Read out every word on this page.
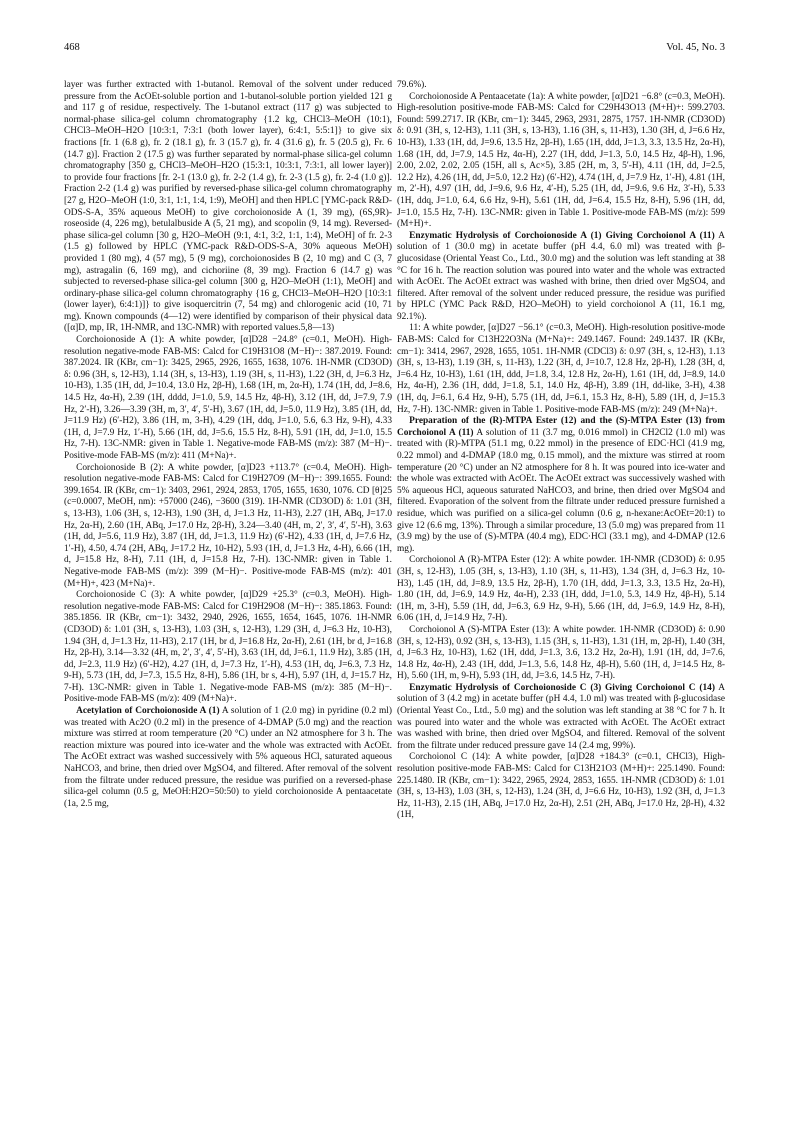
468	Vol. 45, No. 3

layer was further extracted with 1-butanol. Removal of the solvent under reduced pressure from the AcOEt-soluble portion and 1-butanol-soluble portion yielded 121 g and 117 g of residue, respectively. The 1-butanol extract (117 g) was subjected to normal-phase silica-gel column chromatography {1.2 kg, CHCl3–MeOH (10:1), CHCl3–MeOH–H2O [10:3:1, 7:3:1 (both lower layer), 6:4:1, 5:5:1]} to give six fractions [fr. 1 (6.8 g), fr. 2 (18.1 g), fr. 3 (15.7 g), fr. 4 (31.6 g), fr. 5 (20.5 g), Fr. 6 (14.7 g)]. Fraction 2 (17.5 g) was further separated by normal-phase silica-gel column chromatography [350 g, CHCl3–MeOH–H2O (15:3:1, 10:3:1, 7:3:1, all lower layer)] to provide four fractions [fr. 2-1 (13.0 g), fr. 2-2 (1.4 g), fr. 2-3 (1.5 g), fr. 2-4 (1.0 g)]. Fraction 2-2 (1.4 g) was purified by reversed-phase silica-gel column chromatography [27 g, H2O–MeOH (1:0, 3:1, 1:1, 1:4, 1:9), MeOH] and then HPLC [YMC-pack R&D-ODS-S-A, 35% aqueous MeOH) to give corchoionoside A (1, 39 mg), (6S,9R)-roseoside (4, 226 mg), betulalbuside A (5, 21 mg), and scopolin (9, 14 mg). Reversed-phase silica-gel column [30 g, H2O–MeOH (9:1, 4:1, 3:2, 1:1, 1:4), MeOH] of fr. 2-3 (1.5 g) followed by HPLC (YMC-pack R&D-ODS-S-A, 30% aqueous MeOH) provided 1 (80 mg), 4 (57 mg), 5 (9 mg), corchoionosides B (2, 10 mg) and C (3, 7 mg), astragalin (6, 169 mg), and cichoriine (8, 39 mg). Fraction 6 (14.7 g) was subjected to reversed-phase silica-gel column [300 g, H2O–MeOH (1:1), MeOH] and ordinary-phase silica-gel column chromatography {16 g, CHCl3–MeOH–H2O [10:3:1 (lower layer), 6:4:1)]} to give isoquercitrin (7, 54 mg) and chlorogenic acid (10, 71 mg). Known compounds (4—12) were identified by comparison of their physical data ([α]D, mp, IR, 1H-NMR, and 13C-NMR) with reported values.5,8—13)

Corchoionoside A (1): A white powder, [α]D28 −24.8° (c=0.1, MeOH). High-resolution negative-mode FAB-MS: Calcd for C19H31O8 (M−H)−: 387.2019. Found: 387.2024. IR (KBr, cm−1): 3425, 2965, 2926, 1655, 1638, 1076. 1H-NMR (CD3OD) δ: 0.96 (3H, s, 12-H3), 1.14 (3H, s, 13-H3), 1.19 (3H, s, 11-H3), 1.22 (3H, d, J=6.3 Hz, 10-H3), 1.35 (1H, dd, J=10.4, 13.0 Hz, 2β-H), 1.68 (1H, m, 2α-H), 1.74 (1H, dd, J=8.6, 14.5 Hz, 4α-H), 2.39 (1H, dddd, J=1.0, 5.9, 14.5 Hz, 4β-H), 3.12 (1H, dd, J=7.9, 7.9 Hz, 2′-H), 3.26—3.39 (3H, m, 3′, 4′, 5′-H), 3.67 (1H, dd, J=5.0, 11.9 Hz), 3.85 (1H, dd, J=11.9 Hz) (6′-H2), 3.86 (1H, m, 3-H), 4.29 (1H, ddq, J=1.0, 5.6, 6.3 Hz, 9-H), 4.33 (1H, d, J=7.9 Hz, 1′-H), 5.66 (1H, dd, J=5.6, 15.5 Hz, 8-H), 5.91 (1H, dd, J=1.0, 15.5 Hz, 7-H). 13C-NMR: given in Table 1. Negative-mode FAB-MS (m/z): 387 (M−H)−. Positive-mode FAB-MS (m/z): 411 (M+Na)+.

Corchoionoside B (2): A white powder, [α]D23 +113.7° (c=0.4, MeOH). High-resolution negative-mode FAB-MS: Calcd for C19H27O9 (M−H)−: 399.1655. Found: 399.1654. IR (KBr, cm−1): 3403, 2961, 2924, 2853, 1705, 1655, 1630, 1076. CD [θ]25 (c=0.0007, MeOH, nm): +57000 (246), −3600 (319). 1H-NMR (CD3OD) δ: 1.01 (3H, s, 13-H3), 1.06 (3H, s, 12-H3), 1.90 (3H, d, J=1.3 Hz, 11-H3), 2.27 (1H, ABq, J=17.0 Hz, 2α-H), 2.60 (1H, ABq, J=17.0 Hz, 2β-H), 3.24—3.40 (4H, m, 2′, 3′, 4′, 5′-H), 3.63 (1H, dd, J=5.6, 11.9 Hz), 3.87 (1H, dd, J=1.3, 11.9 Hz) (6′-H2), 4.33 (1H, d, J=7.6 Hz, 1′-H), 4.50, 4.74 (2H, ABq, J=17.2 Hz, 10-H2), 5.93 (1H, d, J=1.3 Hz, 4-H), 6.66 (1H, d, J=15.8 Hz, 8-H), 7.11 (1H, d, J=15.8 Hz, 7-H). 13C-NMR: given in Table 1. Negative-mode FAB-MS (m/z): 399 (M−H)−. Positive-mode FAB-MS (m/z): 401 (M+H)+, 423 (M+Na)+.

Corchoionoside C (3): A white powder, [α]D29 +25.3° (c=0.3, MeOH). High-resolution negative-mode FAB-MS: Calcd for C19H29O8 (M−H)−: 385.1863. Found: 385.1856. IR (KBr, cm−1): 3432, 2940, 2926, 1655, 1654, 1645, 1076. 1H-NMR (CD3OD) δ: 1.01 (3H, s, 13-H3), 1.03 (3H, s, 12-H3), 1.29 (3H, d, J=6.3 Hz, 10-H3), 1.94 (3H, d, J=1.3 Hz, 11-H3), 2.17 (1H, br d, J=16.8 Hz, 2α-H), 2.61 (1H, br d, J=16.8 Hz, 2β-H), 3.14—3.32 (4H, m, 2′, 3′, 4′, 5′-H), 3.63 (1H, dd, J=6.1, 11.9 Hz), 3.85 (1H, dd, J=2.3, 11.9 Hz) (6′-H2), 4.27 (1H, d, J=7.3 Hz, 1′-H), 4.53 (1H, dq, J=6.3, 7.3 Hz, 9-H), 5.73 (1H, dd, J=7.3, 15.5 Hz, 8-H), 5.86 (1H, br s, 4-H), 5.97 (1H, d, J=15.7 Hz, 7-H). 13C-NMR: given in Table 1. Negative-mode FAB-MS (m/z): 385 (M−H)−. Positive-mode FAB-MS (m/z): 409 (M+Na)+.

Acetylation of Corchoionoside A (1) A solution of 1 (2.0 mg) in pyridine (0.2 ml) was treated with Ac2O (0.2 ml) in the presence of 4-DMAP (5.0 mg) and the reaction mixture was stirred at room temperature (20 °C) under an N2 atmosphere for 3 h. The reaction mixture was poured into ice-water and the whole was extracted with AcOEt. The AcOEt extract was washed successively with 5% aqueous HCl, saturated aqueous NaHCO3, and brine, then dried over MgSO4, and filtered. After removal of the solvent from the filtrate under reduced pressure, the residue was purified on a reversed-phase silica-gel column (0.5 g, MeOH:H2O=50:50) to yield corchoionoside A pentaacetate (1a, 2.5 mg,

79.6%).

Corchoionoside A Pentaacetate (1a): A white powder, [α]D21 −6.8° (c=0.3, MeOH). High-resolution positive-mode FAB-MS: Calcd for C29H43O13 (M+H)+: 599.2703. Found: 599.2717. IR (KBr, cm−1): 3445, 2963, 2931, 2875, 1757. 1H-NMR (CD3OD) δ: 0.91 (3H, s, 12-H3), 1.11 (3H, s, 13-H3), 1.16 (3H, s, 11-H3), 1.30 (3H, d, J=6.6 Hz, 10-H3), 1.33 (1H, dd, J=9.6, 13.5 Hz, 2β-H), 1.65 (1H, ddd, J=1.3, 3.3, 13.5 Hz, 2α-H), 1.68 (1H, dd, J=7.9, 14.5 Hz, 4α-H), 2.27 (1H, ddd, J=1.3, 5.0, 14.5 Hz, 4β-H), 1.96, 2.00, 2.02, 2.02, 2.05 (15H, all s, Ac×5), 3.85 (2H, m, 3, 5′-H), 4.11 (1H, dd, J=2.5, 12.2 Hz), 4.26 (1H, dd, J=5.0, 12.2 Hz) (6′-H2), 4.74 (1H, d, J=7.9 Hz, 1′-H), 4.81 (1H, m, 2′-H), 4.97 (1H, dd, J=9.6, 9.6 Hz, 4′-H), 5.25 (1H, dd, J=9.6, 9.6 Hz, 3′-H), 5.33 (1H, ddq, J=1.0, 6.4, 6.6 Hz, 9-H), 5.61 (1H, dd, J=6.4, 15.5 Hz, 8-H), 5.96 (1H, dd, J=1.0, 15.5 Hz, 7-H). 13C-NMR: given in Table 1. Positive-mode FAB-MS (m/z): 599 (M+H)+.

Enzymatic Hydrolysis of Corchoionoside A (1) Giving Corchoionol A (11) A solution of 1 (30.0 mg) in acetate buffer (pH 4.4, 6.0 ml) was treated with β-glucosidase (Oriental Yeast Co., Ltd., 30.0 mg) and the solution was left standing at 38 °C for 16 h. The reaction solution was poured into water and the whole was extracted with AcOEt. The AcOEt extract was washed with brine, then dried over MgSO4, and filtered. After removal of the solvent under reduced pressure, the residue was purified by HPLC (YMC Pack R&D, H2O–MeOH) to yield corchoionol A (11, 16.1 mg, 92.1%).

11: A white powder, [α]D27 −56.1° (c=0.3, MeOH). High-resolution positive-mode FAB-MS: Calcd for C13H22O3Na (M+Na)+: 249.1467. Found: 249.1437. IR (KBr, cm−1): 3414, 2967, 2928, 1655, 1051. 1H-NMR (CDCl3) δ: 0.97 (3H, s, 12-H3), 1.13 (3H, s, 13-H3), 1.19 (3H, s, 11-H3), 1.22 (3H, d, J=10.7, 12.8 Hz, 2β-H), 1.28 (3H, d, J=6.4 Hz, 10-H3), 1.61 (1H, ddd, J=1.8, 3.4, 12.8 Hz, 2α-H), 1.61 (1H, dd, J=8.9, 14.0 Hz, 4α-H), 2.36 (1H, ddd, J=1.8, 5.1, 14.0 Hz, 4β-H), 3.89 (1H, dd-like, 3-H), 4.38 (1H, dq, J=6.1, 6.4 Hz, 9-H), 5.75 (1H, dd, J=6.1, 15.3 Hz, 8-H), 5.89 (1H, d, J=15.3 Hz, 7-H). 13C-NMR: given in Table 1. Positive-mode FAB-MS (m/z): 249 (M+Na)+.

Preparation of the (R)-MTPA Ester (12) and the (S)-MTPA Ester (13) from Corchoionol A (11) A solution of 11 (3.7 mg, 0.016 mmol) in CH2Cl2 (1.0 ml) was treated with (R)-MTPA (51.1 mg, 0.22 mmol) in the presence of EDC·HCl (41.9 mg, 0.22 mmol) and 4-DMAP (18.0 mg, 0.15 mmol), and the mixture was stirred at room temperature (20 °C) under an N2 atmosphere for 8 h. It was poured into ice-water and the whole was extracted with AcOEt. The AcOEt extract was successively washed with 5% aqueous HCl, aqueous saturated NaHCO3, and brine, then dried over MgSO4 and filtered. Evaporation of the solvent from the filtrate under reduced pressure furnished a residue, which was purified on a silica-gel column (0.6 g, n-hexane:AcOEt=20:1) to give 12 (6.6 mg, 13%). Through a similar procedure, 13 (5.0 mg) was prepared from 11 (3.9 mg) by the use of (S)-MTPA (40.4 mg), EDC·HCl (33.1 mg), and 4-DMAP (12.6 mg).

Corchoionol A (R)-MTPA Ester (12): A white powder. 1H-NMR (CD3OD) δ: 0.95 (3H, s, 12-H3), 1.05 (3H, s, 13-H3), 1.10 (3H, s, 11-H3), 1.34 (3H, d, J=6.3 Hz, 10-H3), 1.45 (1H, dd, J=8.9, 13.5 Hz, 2β-H), 1.70 (1H, ddd, J=1.3, 3.3, 13.5 Hz, 2α-H), 1.80 (1H, dd, J=6.9, 14.9 Hz, 4α-H), 2.33 (1H, ddd, J=1.0, 5.3, 14.9 Hz, 4β-H), 5.14 (1H, m, 3-H), 5.59 (1H, dd, J=6.3, 6.9 Hz, 9-H), 5.66 (1H, dd, J=6.9, 14.9 Hz, 8-H), 6.06 (1H, d, J=14.9 Hz, 7-H).

Corchoionol A (S)-MTPA Ester (13): A white powder. 1H-NMR (CD3OD) δ: 0.90 (3H, s, 12-H3), 0.92 (3H, s, 13-H3), 1.15 (3H, s, 11-H3), 1.31 (1H, m, 2β-H), 1.40 (3H, d, J=6.3 Hz, 10-H3), 1.62 (1H, ddd, J=1.3, 3.6, 13.2 Hz, 2α-H), 1.91 (1H, dd, J=7.6, 14.8 Hz, 4α-H), 2.43 (1H, ddd, J=1.3, 5.6, 14.8 Hz, 4β-H), 5.60 (1H, d, J=14.5 Hz, 8-H), 5.60 (1H, m, 9-H), 5.93 (1H, dd, J=3.6, 14.5 Hz, 7-H).

Enzymatic Hydrolysis of Corchoionoside C (3) Giving Corchoionol C (14) A solution of 3 (4.2 mg) in acetate buffer (pH 4.4, 1.0 ml) was treated with β-glucosidase (Oriental Yeast Co., Ltd., 5.0 mg) and the solution was left standing at 38 °C for 7 h. It was poured into water and the whole was extracted with AcOEt. The AcOEt extract was washed with brine, then dried over MgSO4, and filtered. Removal of the solvent from the filtrate under reduced pressure gave 14 (2.4 mg, 99%).

Corchoionol C (14): A white powder, [α]D28 +184.3° (c=0.1, CHCl3), High-resolution positive-mode FAB-MS: Calcd for C13H21O3 (M+H)+: 225.1490. Found: 225.1480. IR (KBr, cm−1): 3422, 2965, 2924, 2853, 1655. 1H-NMR (CD3OD) δ: 1.01 (3H, s, 13-H3), 1.03 (3H, s, 12-H3), 1.24 (3H, d, J=6.6 Hz, 10-H3), 1.92 (3H, d, J=1.3 Hz, 11-H3), 2.15 (1H, ABq, J=17.0 Hz, 2α-H), 2.51 (2H, ABq, J=17.0 Hz, 2β-H), 4.32 (1H,
